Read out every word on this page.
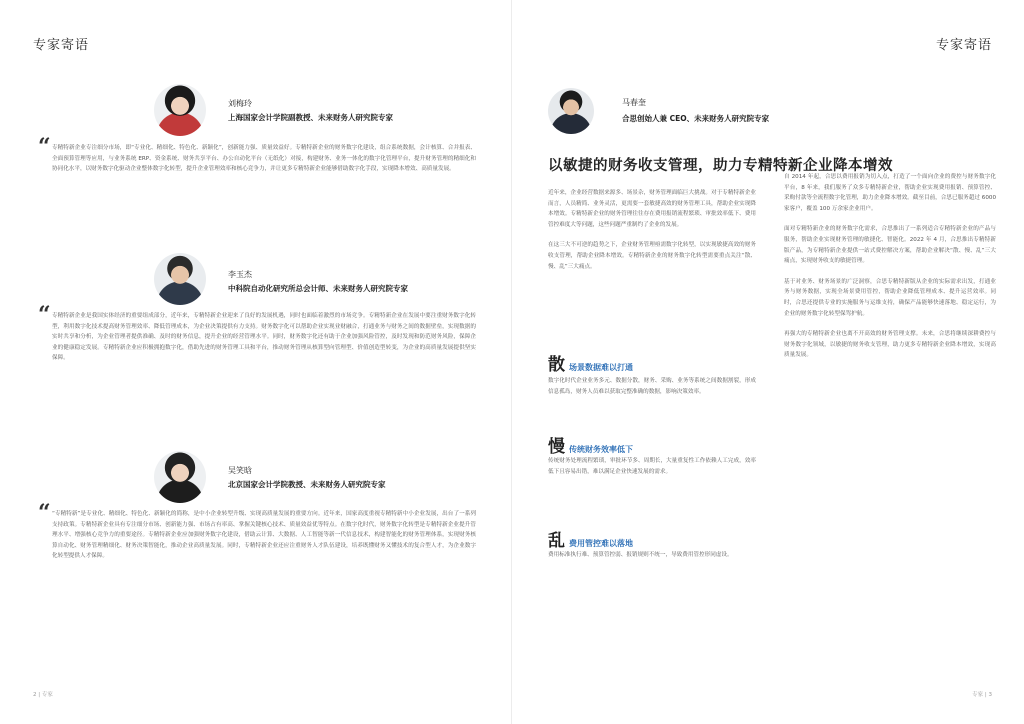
专家寄语
刘梅玲
上海国家会计学院副教授、未来财务人研究院专家
“ 专精特新企业专注细分市场，即“专业化、精细化、特色化、新颖化”，创新能力强、质量效益好。专精特新企业的财务数字化建设，组合系统数据，会计核算、合并报表、全面预算管理等应用，与业务系统 ERP、资金系统、财务共享平台、办公自动化平台（无纸化）对接，构建财务、业务一体化的数字化管理平台，提升财务管理的精细化和协同化水平，以财务数字化驱动企业整体数字化转型，提升企业管理效率和核心竞争力，并让更多专精特新企业能够借助数字化手段，实现降本增效、高质量发展。
李玉杰
中科院自动化研究所总会计师、未来财务人研究院专家
“ 专精特新企业是我国实体经济的重要组成部分，近年来，专精特新企业迎来了良好的发展机遇，同时也面临着激烈的市场竞争。专精特新企业在发展中要注重财务数字化转型，利用数字化技术提高财务管理效率、降低管理成本，为企业决策提供有力支持。财务数字化可以帮助企业实现业财融合，打通业务与财务之间的数据壁垒，实现数据的实时共享和分析，为企业管理者提供准确、及时的财务信息，提升企业的经营管理水平。同时，财务数字化还有助于企业加强风险管控，及时发现和防范财务风险，保障企业的健康稳定发展。专精特新企业应积极拥抱数字化，借助先进的财务管理工具和平台，推动财务管理从核算型向管理型、价值创造型转变，为企业的高质量发展提供坚实保障。
吴笑晗
北京国家会计学院教授、未来财务人研究院专家
“ “专精特新”是专业化、精细化、特色化、新颖化的简称，是中小企业转型升级、实现高质量发展的重要方向。近年来，国家高度重视专精特新中小企业发展，出台了一系列支持政策。专精特新企业具有专注细分市场、创新能力强、市场占有率高、掌握关键核心技术、质量效益优等特点。在数字化时代，财务数字化转型是专精特新企业提升管理水平、增强核心竞争力的重要途径。专精特新企业应加强财务数字化建设，借助云计算、大数据、人工智能等新一代信息技术，构建智能化的财务管理体系，实现财务核算自动化、财务管理精细化、财务决策智能化，推动企业高质量发展。同时，专精特新企业还应注重财务人才队伍建设，培养既懂财务又懂技术的复合型人才，为企业数字化转型提供人才保障。
2 | 专家
专家寄语
专家 | 3
马春奎
合思创始人兼 CEO、未来财务人研究院专家
以敏捷的财务收支管理，助力专精特新企业降本增效

近年来，企业经营数据来源多、场景杂，财务管理面临巨大挑战。对于专精特新企业而言，人员精简、业务灵活，更需要一套敏捷高效的财务管理工具，帮助企业实现降本增效。专精特新企业的财务管理往往存在费用报销流程繁琐、审批效率低下、费用管控难度大等问题，这些问题严重制约了企业的发展。

在这三大不可逆的趋势之下，企业财务管理亟需数字化转型，以实现敏捷高效的财务收支管理，帮助企业降本增效。专精特新企业的财务数字化转型需要重点关注“散、慢、乱”三大痛点。

散 场景数据难以打通
数字化时代企业业务多元、数据分散，财务、采购、业务等系统之间数据割裂，形成信息孤岛，财务人员难以获取完整准确的数据，影响决策效率。
慢 传统财务效率低下
传统财务处理流程繁琐，审批环节多、周期长，大量重复性工作依赖人工完成，效率低下且容易出错，难以满足企业快速发展的需求。
乱 费用管控难以落地
费用标准执行难、预算管控弱、报销规则不统一，导致费用管控形同虚设。

自 2014 年起，合思以费用报销为切入点，打造了一个面向企业的费控与财务数字化平台，8 年来，我们服务了众多专精特新企业，帮助企业实现费用报销、预算管控、采购付款等全流程数字化管理，助力企业降本增效。截至目前，合思已服务超过 6000 家客户，覆盖 100 万余家企业用户。

面对专精特新企业的财务数字化需求，合思推出了一系列适合专精特新企业的产品与服务，帮助企业实现财务管理的敏捷化、智能化。2022 年 4 月，合思推出专精特新版产品，为专精特新企业提供一站式费控解决方案，帮助企业解决“散、慢、乱”三大痛点，实现财务收支的敏捷管理。

基于对业务、财务场景的广泛洞察，合思专精特新版从企业的实际需求出发，打通业务与财务数据，实现全场景费用管控，帮助企业降低管理成本、提升运营效率。同时，合思还提供专业的实施服务与运维支持，确保产品能够快速落地、稳定运行，为企业的财务数字化转型保驾护航。

再强大的专精特新企业也离不开高效的财务管理支撑。未来，合思将继续深耕费控与财务数字化领域，以敏捷的财务收支管理，助力更多专精特新企业降本增效，实现高质量发展。
